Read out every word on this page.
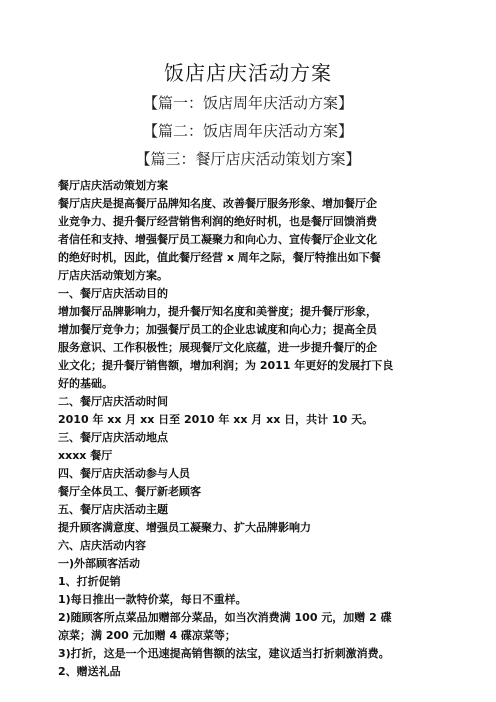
饭店店庆活动方案
【篇一：饭店周年庆活动方案】
【篇二：饭店周年庆活动方案】
【篇三：餐厅店庆活动策划方案】

餐厅店庆活动策划方案

餐厅店庆是提高餐厅品牌知名度、改善餐厅服务形象、增加餐厅企

业竞争力、提升餐厅经营销售利润的绝好时机，也是餐厅回馈消费

者信任和支持、增强餐厅员工凝聚力和向心力、宣传餐厅企业文化

的绝好时机，因此，值此餐厅经营 x 周年之际，餐厅特推出如下餐

厅店庆活动策划方案。

一、餐厅店庆活动目的

增加餐厅品牌影响力，提升餐厅知名度和美誉度；提升餐厅形象，

增加餐厅竞争力；加强餐厅员工的企业忠诚度和向心力；提高全员

服务意识、工作积极性；展现餐厅文化底蕴，进一步提升餐厅的企

业文化；提升餐厅销售额，增加利润；为 2011 年更好的发展打下良

好的基础。

二、餐厅店庆活动时间

2010 年 xx 月 xx 日至 2010 年 xx 月 xx 日，共计 10 天。

三、餐厅店庆活动地点

xxxx 餐厅

四、餐厅店庆活动参与人员

餐厅全体员工、餐厅新老顾客

五、餐厅店庆活动主题

提升顾客满意度、增强员工凝聚力、扩大品牌影响力

六、店庆活动内容

一)外部顾客活动

1、打折促销

1)每日推出一款特价菜，每日不重样。

2)随顾客所点菜品加赠部分菜品，如当次消费满 100 元，加赠 2 碟

凉菜；满 200 元加赠 4 碟凉菜等；

3)打折，这是一个迅速提高销售额的法宝，建议适当打折刺激消费。

2、赠送礼品
